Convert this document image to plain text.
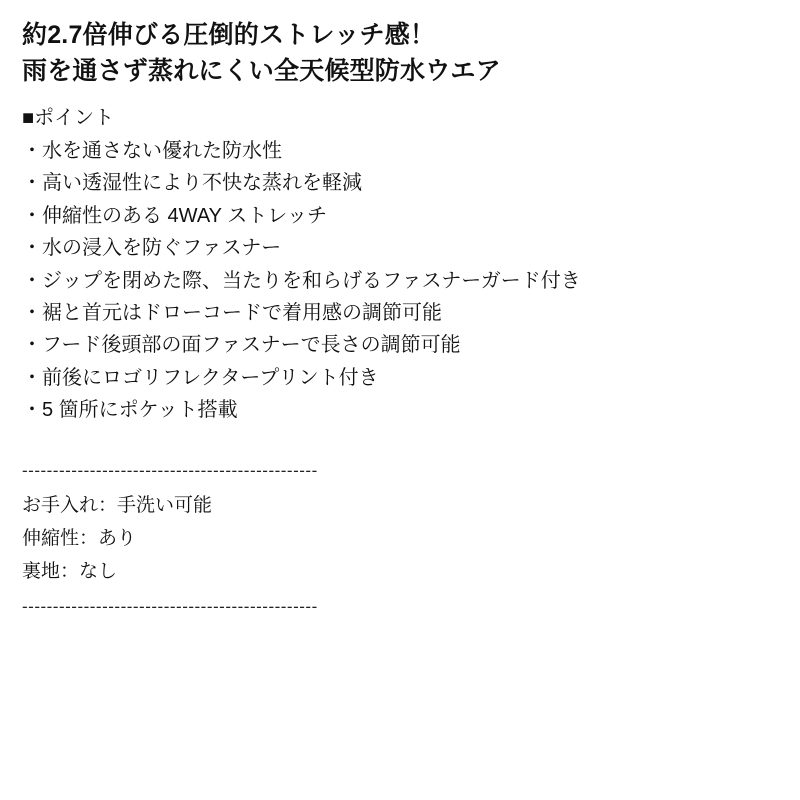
約2.7倍伸びる圧倒的ストレッチ感！
雨を通さず蒸れにくい全天候型防水ウエア
■ポイント
・水を通さない優れた防水性
・高い透湿性により不快な蒸れを軽減
・伸縮性のある 4WAY ストレッチ
・水の浸入を防ぐファスナー
・ジップを閉めた際、当たりを和らげるファスナーガード付き
・裾と首元はドローコードで着用感の調節可能
・フード後頭部の面ファスナーで長さの調節可能
・前後にロゴリフレクタープリント付き
・5 箇所にポケット搭載
------------------------------------------------
お手入れ：手洗い可能
伸縮性：あり
裏地：なし
------------------------------------------------
